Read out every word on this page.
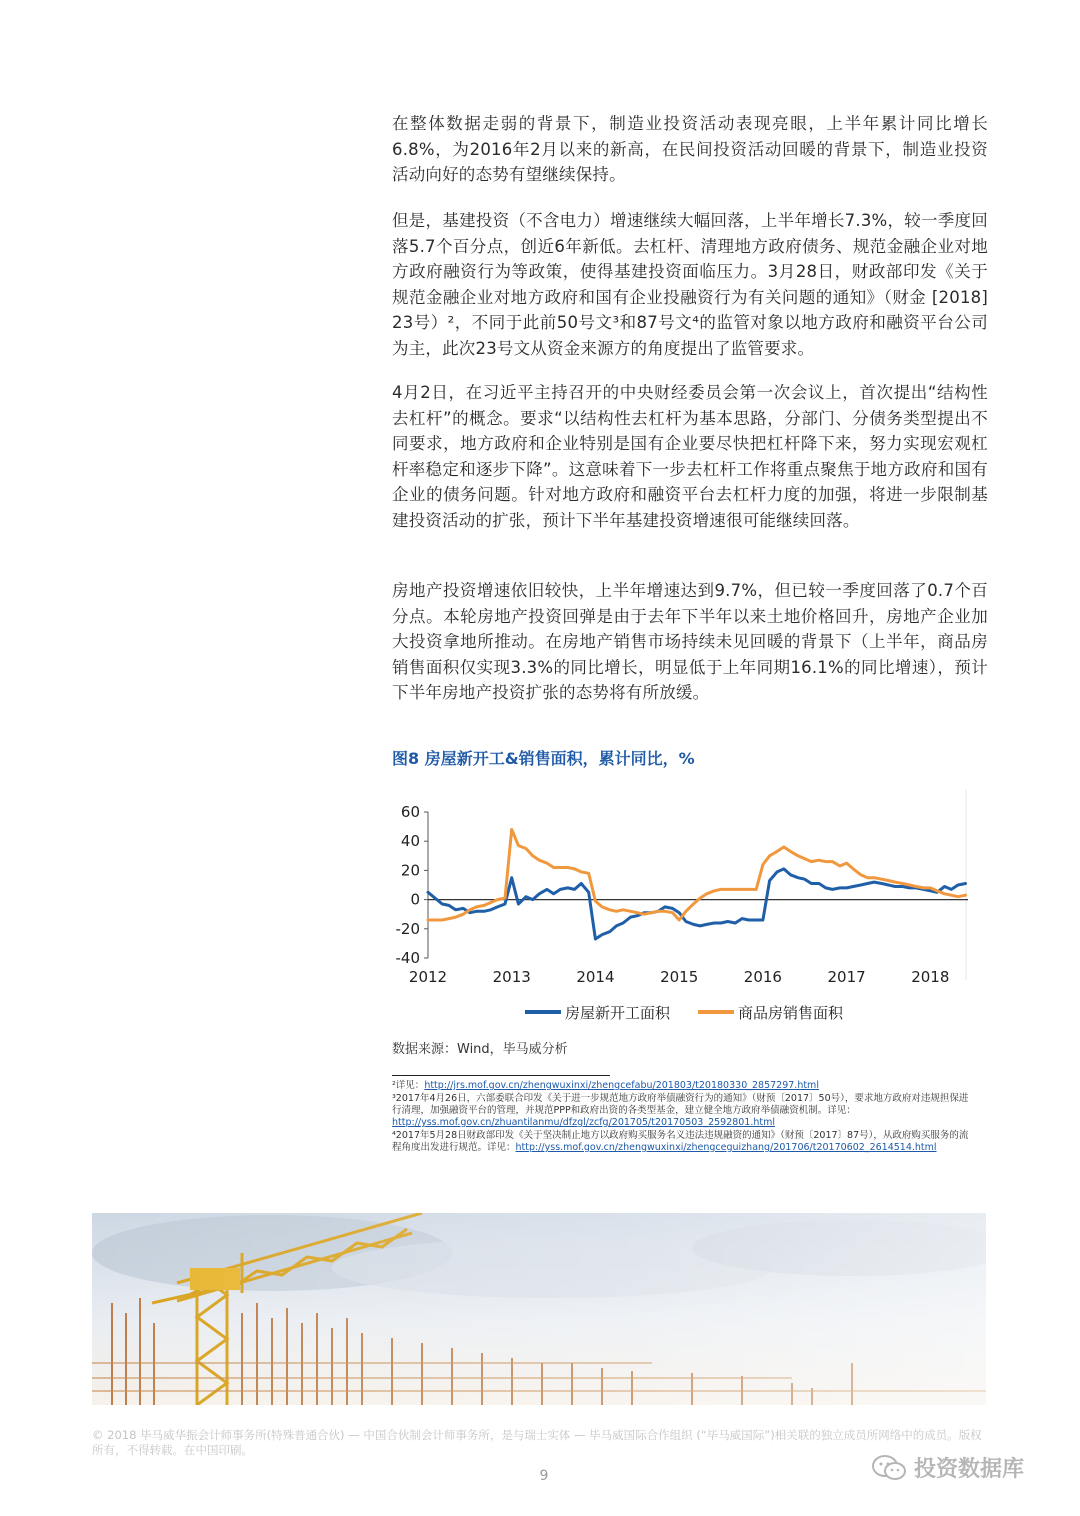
在整体数据走弱的背景下，制造业投资活动表现亮眼，上半年累计同比增长6.8%，为2016年2月以来的新高，在民间投资活动回暖的背景下，制造业投资活动向好的态势有望继续保持。

但是，基建投资（不含电力）增速继续大幅回落，上半年增长7.3%，较一季度回落5.7个百分点，创近6年新低。去杠杆、清理地方政府债务、规范金融企业对地方政府融资行为等政策，使得基建投资面临压力。3月28日，财政部印发《关于规范金融企业对地方政府和国有企业投融资行为有关问题的通知》（财金 [2018] 23号）²，不同于此前50号文³和87号文⁴的监管对象以地方政府和融资平台公司为主，此次23号文从资金来源方的角度提出了监管要求。

4月2日，在习近平主持召开的中央财经委员会第一次会议上，首次提出“结构性去杠杆”的概念。要求“以结构性去杠杆为基本思路，分部门、分债务类型提出不同要求，地方政府和企业特别是国有企业要尽快把杠杆降下来，努力实现宏观杠杆率稳定和逐步下降”。这意味着下一步去杠杆工作将重点聚焦于地方政府和国有企业的债务问题。针对地方政府和融资平台去杠杆力度的加强，将进一步限制基建投资活动的扩张，预计下半年基建投资增速很可能继续回落。

房地产投资增速依旧较快，上半年增速达到9.7%，但已较一季度回落了0.7个百分点。本轮房地产投资回弹是由于去年下半年以来土地价格回升，房地产企业加大投资拿地所推动。在房地产销售市场持续未见回暖的背景下（上半年，商品房销售面积仅实现3.3%的同比增长，明显低于上年同期16.1%的同比增速），预计下半年房地产投资扩张的态势将有所放缓。

图8 房屋新开工&销售面积，累计同比，%
60
40
20
0
-20
-40
2012	2013	2014	2015	2016	2017	2018
房屋新开工面积	商品房销售面积
数据来源：Wind，毕马威分析

²详见：http://jrs.mof.gov.cn/zhengwuxinxi/zhengcefabu/201803/t20180330_2857297.html

³2017年4月26日，六部委联合印发《关于进一步规范地方政府举债融资行为的通知》（财预〔2017〕50号），要求地方政府对违规担保进行清理，加强融资平台的管理，并规范PPP和政府出资的各类型基金，建立健全地方政府举债融资机制。详见：
http://yss.mof.gov.cn/zhuantilanmu/dfzgl/zcfg/201705/t20170503_2592801.html

⁴2017年5月28日财政部印发《关于坚决制止地方以政府购买服务名义违法违规融资的通知》（财预〔2017〕87号），从政府购买服务的流程角度出发进行规范。详见：http://yss.mof.gov.cn/zhengwuxinxi/zhengceguizhang/201706/t20170602_2614514.html

© 2018 毕马威华振会计师事务所(特殊普通合伙) — 中国合伙制会计师事务所，是与瑞士实体 — 毕马威国际合作组织 (“毕马威国际”)相关联的独立成员所网络中的成员。版权所有，不得转载。在中国印刷。
9	投资数据库
